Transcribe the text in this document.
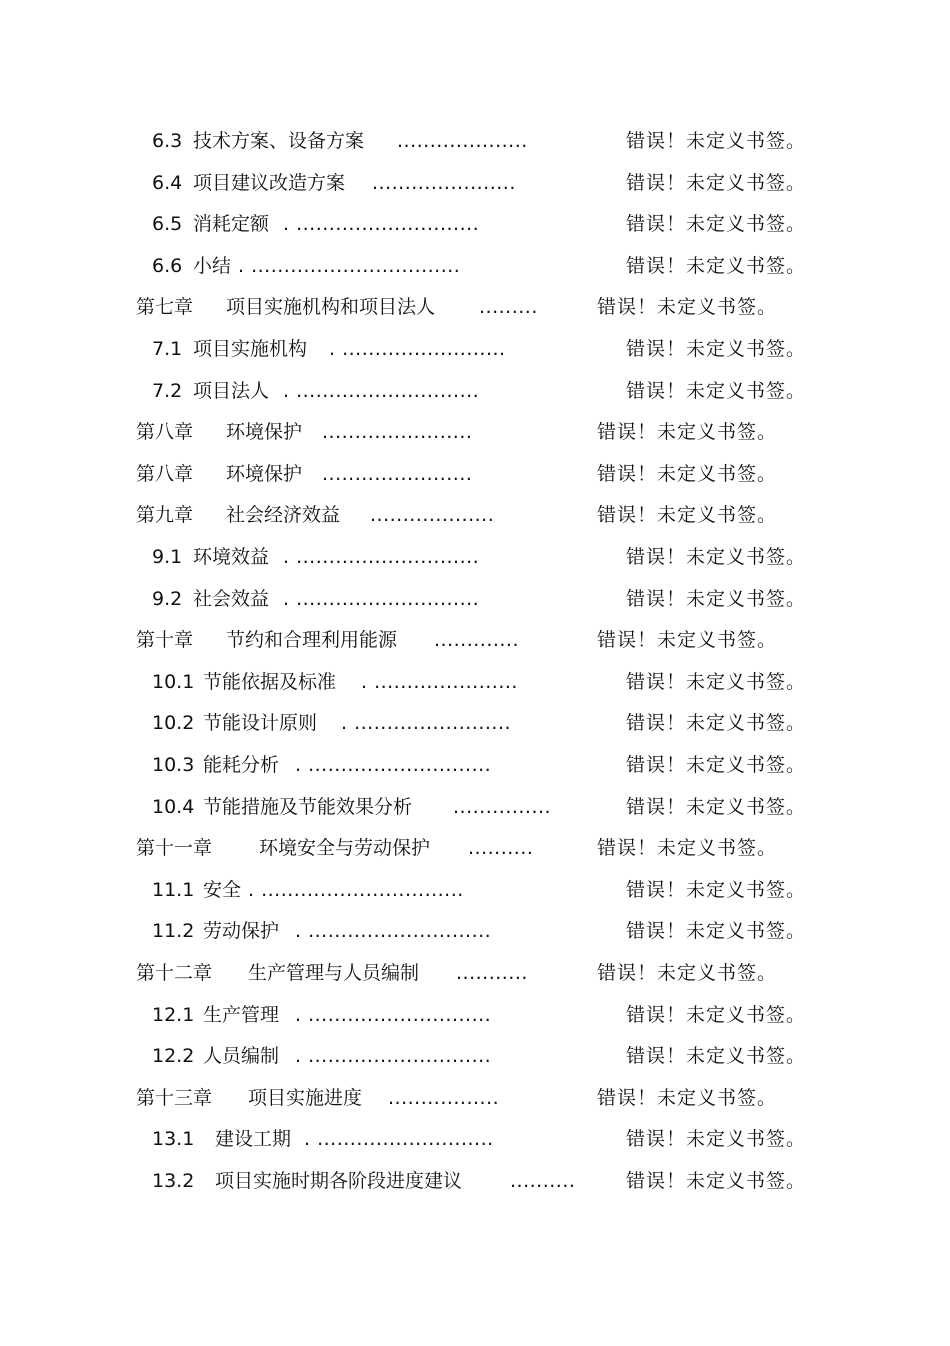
6.3 技术方案、设备方案 ....................	错误！未定义书签。
6.4 项目建议改造方案 ......................	错误！未定义书签。
6.5 消耗定额 . ............................	错误！未定义书签。
6.6 小结 . ................................	错误！未定义书签。
第七章 项目实施机构和项目法人 .........	错误！未定义书签。
7.1 项目实施机构 . .........................	错误！未定义书签。
7.2 项目法人 . ............................	错误！未定义书签。
第八章 环境保护 .......................	错误！未定义书签。
第八章 环境保护 .......................	错误！未定义书签。
第九章 社会经济效益 ...................	错误！未定义书签。
9.1 环境效益 . ............................	错误！未定义书签。
9.2 社会效益 . ............................	错误！未定义书签。
第十章 节约和合理利用能源 .............	错误！未定义书签。
10.1 节能依据及标准 . ......................	错误！未定义书签。
10.2 节能设计原则 . ........................	错误！未定义书签。
10.3 能耗分析 . ............................	错误！未定义书签。
10.4 节能措施及节能效果分析 ...............	错误！未定义书签。
第十一章 环境安全与劳动保护 ..........	错误！未定义书签。
11.1 安全 . ...............................	错误！未定义书签。
11.2 劳动保护 . ............................	错误！未定义书签。
第十二章 生产管理与人员编制 ...........	错误！未定义书签。
12.1 生产管理 . ............................	错误！未定义书签。
12.2 人员编制 . ............................	错误！未定义书签。
第十三章 项目实施进度 .................	错误！未定义书签。
13.1 建设工期 . ...........................	错误！未定义书签。
13.2 项目实施时期各阶段进度建议	..........	错误！未定义书签。
